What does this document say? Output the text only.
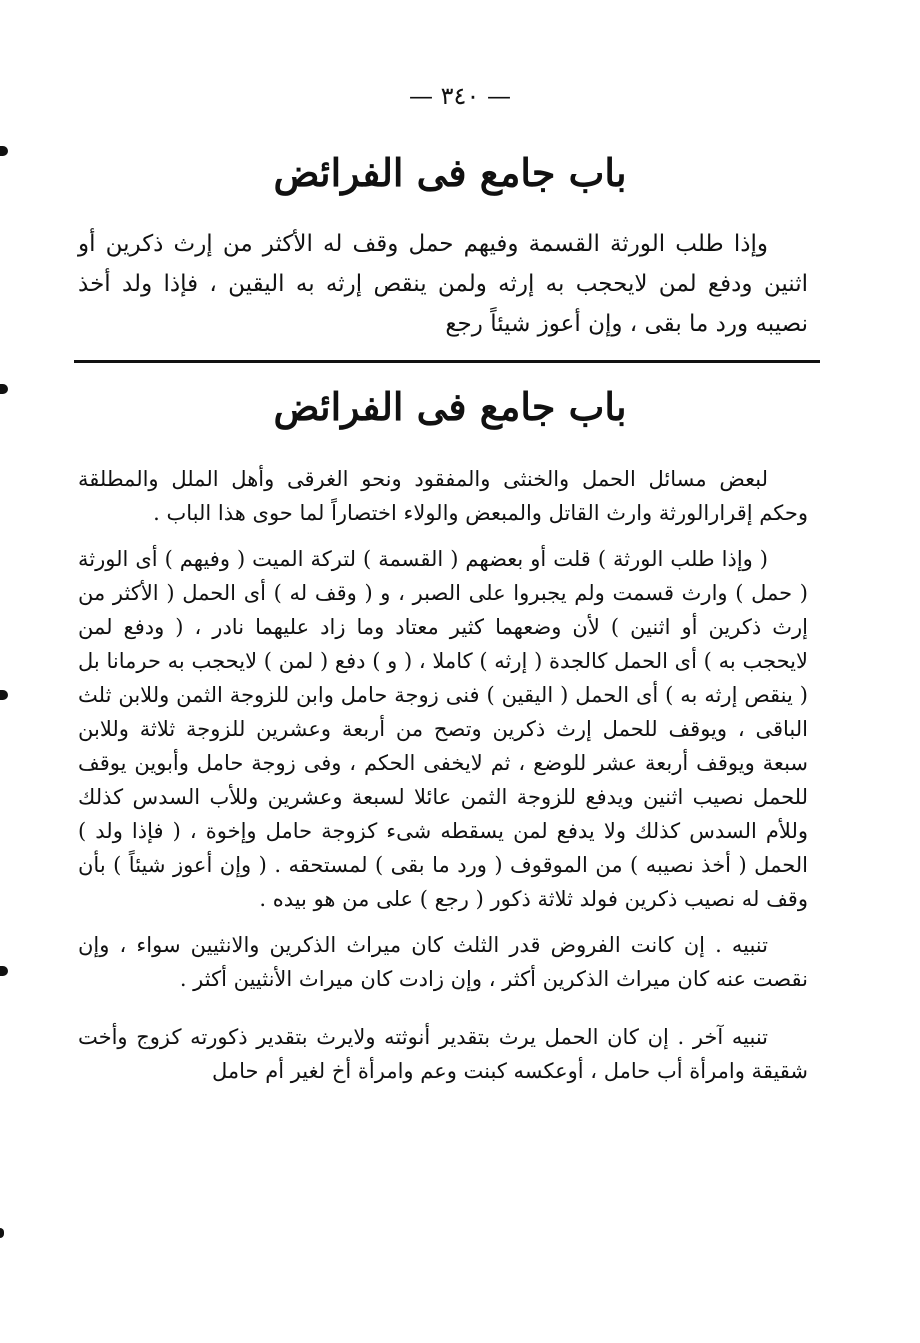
— ٣٤٠ —
باب جامع فى الفرائض

وإذا طلب الورثة القسمة وفيهم حمل وقف له الأكثر من إرث ذكرين أو اثنين ودفع لمن لايحجب به إرثه ولمن ينقص إرثه به اليقين ، فإذا ولد أخذ نصيبه ورد ما بقى ، وإن أعوز شيئاً رجع

باب جامع فى الفرائض

لبعض مسائل الحمل والخنثى والمفقود ونحو الغرقى وأهل الملل والمطلقة وحكم إقرارالورثة وارث القاتل والمبعض والولاء اختصاراً لما حوى هذا الباب .

( وإذا طلب الورثة ) قلت أو بعضهم ( القسمة ) لتركة الميت ( وفيهم ) أى الورثة ( حمل ) وارث قسمت ولم يجبروا على الصبر ، و ( وقف له ) أى الحمل ( الأكثر من إرث ذكرين أو اثنين ) لأن وضعهما كثير معتاد وما زاد عليهما نادر ، ( ودفع لمن لايحجب به ) أى الحمل كالجدة ( إرثه ) كاملا ، ( و ) دفع ( لمن ) لايحجب به حرمانا بل ( ينقص إرثه به ) أى الحمل ( اليقين ) فنى زوجة حامل وابن للزوجة الثمن وللابن ثلث الباقى ، ويوقف للحمل إرث ذكرين وتصح من أربعة وعشرين للزوجة ثلاثة وللابن سبعة ويوقف أربعة عشر للوضع ، ثم لايخفى الحكم ، وفى زوجة حامل وأبوين يوقف للحمل نصيب اثنين ويدفع للزوجة الثمن عائلا لسبعة وعشرين وللأب السدس كذلك وللأم السدس كذلك ولا يدفع لمن يسقطه شىء كزوجة حامل وإخوة ، ( فإذا ولد ) الحمل ( أخذ نصيبه ) من الموقوف ( ورد ما بقى ) لمستحقه . ( وإن أعوز شيئاً ) بأن وقف له نصيب ذكرين فولد ثلاثة ذكور ( رجع ) على من هو بيده .

تنبيه . إن كانت الفروض قدر الثلث كان ميراث الذكرين والانثيين سواء ، وإن نقصت عنه كان ميراث الذكرين أكثر ، وإن زادت كان ميراث الأنثيين أكثر .

تنبيه آخر . إن كان الحمل يرث بتقدير أنوثته ولايرث بتقدير ذكورته كزوج وأخت شقيقة وامرأة أب حامل ، أوعكسه كبنت وعم وامرأة أخ لغير أم حامل
